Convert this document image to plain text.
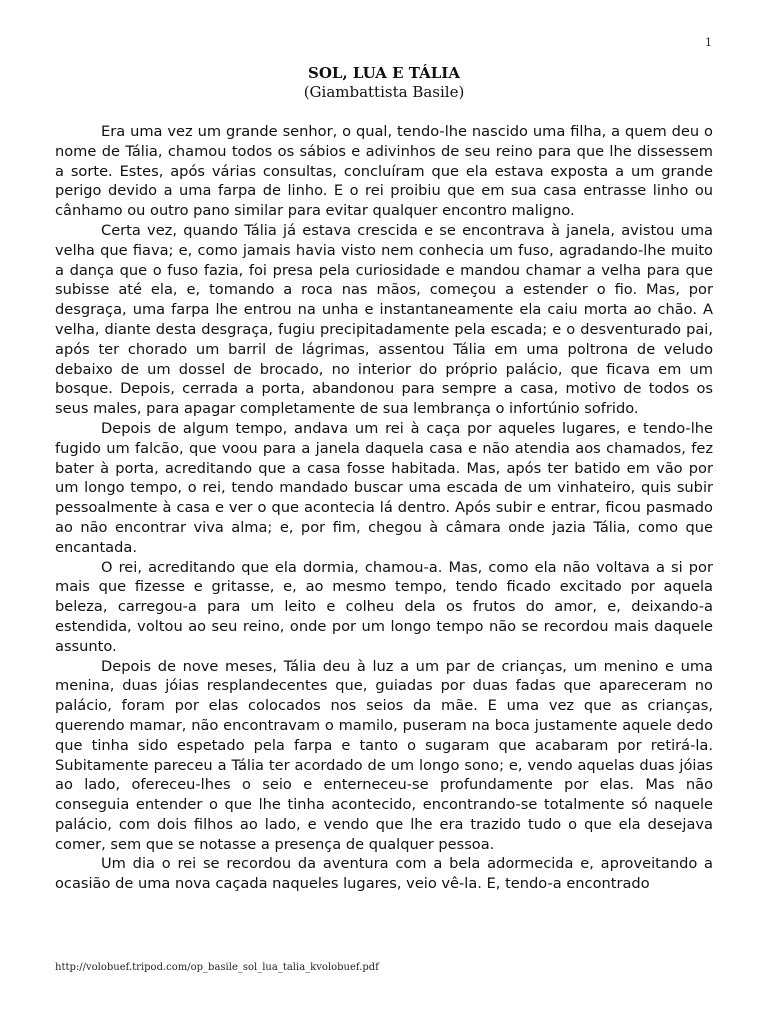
1
SOL, LUA E TÁLIA
(Giambattista Basile)

Era uma vez um grande senhor, o qual, tendo-lhe nascido uma filha, a quem deu o nome de Tália, chamou todos os sábios e adivinhos de seu reino para que lhe dissessem a sorte. Estes, após várias consultas, concluíram que ela estava exposta a um grande perigo devido a uma farpa de linho. E o rei proibiu que em sua casa entrasse linho ou cânhamo ou outro pano similar para evitar qualquer encontro maligno.

Certa vez, quando Tália já estava crescida e se encontrava à janela, avistou uma velha que fiava; e, como jamais havia visto nem conhecia um fuso, agradando-lhe muito a dança que o fuso fazia, foi presa pela curiosidade e mandou chamar a velha para que subisse até ela, e, tomando a roca nas mãos, começou a estender o fio. Mas, por desgraça, uma farpa lhe entrou na unha e instantaneamente ela caiu morta ao chão. A velha, diante desta desgraça, fugiu precipitadamente pela escada; e o desventurado pai, após ter chorado um barril de lágrimas, assentou Tália em uma poltrona de veludo debaixo de um dossel de brocado, no interior do próprio palácio, que ficava em um bosque. Depois, cerrada a porta, abandonou para sempre a casa, motivo de todos os seus males, para apagar completamente de sua lembrança o infortúnio sofrido.

Depois de algum tempo, andava um rei à caça por aqueles lugares, e tendo-lhe fugido um falcão, que voou para a janela daquela casa e não atendia aos chamados, fez bater à porta, acreditando que a casa fosse habitada. Mas, após ter batido em vão por um longo tempo, o rei, tendo mandado buscar uma escada de um vinhateiro, quis subir pessoalmente à casa e ver o que acontecia lá dentro. Após subir e entrar, ficou pasmado ao não encontrar viva alma; e, por fim, chegou à câmara onde jazia Tália, como que encantada.

O rei, acreditando que ela dormia, chamou-a. Mas, como ela não voltava a si por mais que fizesse e gritasse, e, ao mesmo tempo, tendo ficado excitado por aquela beleza, carregou-a para um leito e colheu dela os frutos do amor, e, deixando-a estendida, voltou ao seu reino, onde por um longo tempo não se recordou mais daquele assunto.

Depois de nove meses, Tália deu à luz a um par de crianças, um menino e uma menina, duas jóias resplandecentes que, guiadas por duas fadas que apareceram no palácio, foram por elas colocados nos seios da mãe. E uma vez que as crianças, querendo mamar, não encontravam o mamilo, puseram na boca justamente aquele dedo que tinha sido espetado pela farpa e tanto o sugaram que acabaram por retirá-la. Subitamente pareceu a Tália ter acordado de um longo sono; e, vendo aquelas duas jóias ao lado, ofereceu-lhes o seio e enterneceu-se profundamente por elas. Mas não conseguia entender o que lhe tinha acontecido, encontrando-se totalmente só naquele palácio, com dois filhos ao lado, e vendo que lhe era trazido tudo o que ela desejava comer, sem que se notasse a presença de qualquer pessoa.

Um dia o rei se recordou da aventura com a bela adormecida e, aproveitando a ocasião de uma nova caçada naqueles lugares, veio vê-la. E, tendo-a encontrado

http://volobuef.tripod.com/op_basile_sol_lua_talia_kvolobuef.pdf
